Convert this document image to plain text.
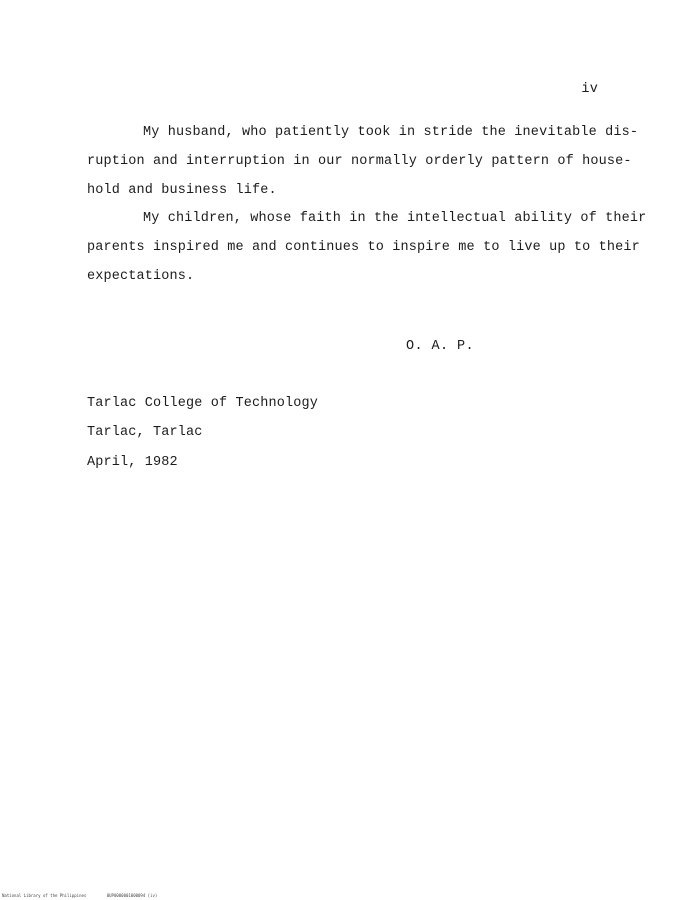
iv
My husband, who patiently took in stride the inevitable dis-
ruption and interruption in our normally orderly pattern of house-
hold and business life.
My children, whose faith in the intellectual ability of their
parents inspired me and continues to inspire me to live up to their
expectations.
O. A. P.
Tarlac College of Technology
Tarlac, Tarlac
April, 1982
National Library of the Philippines	0UP0000001000094 (iv)
